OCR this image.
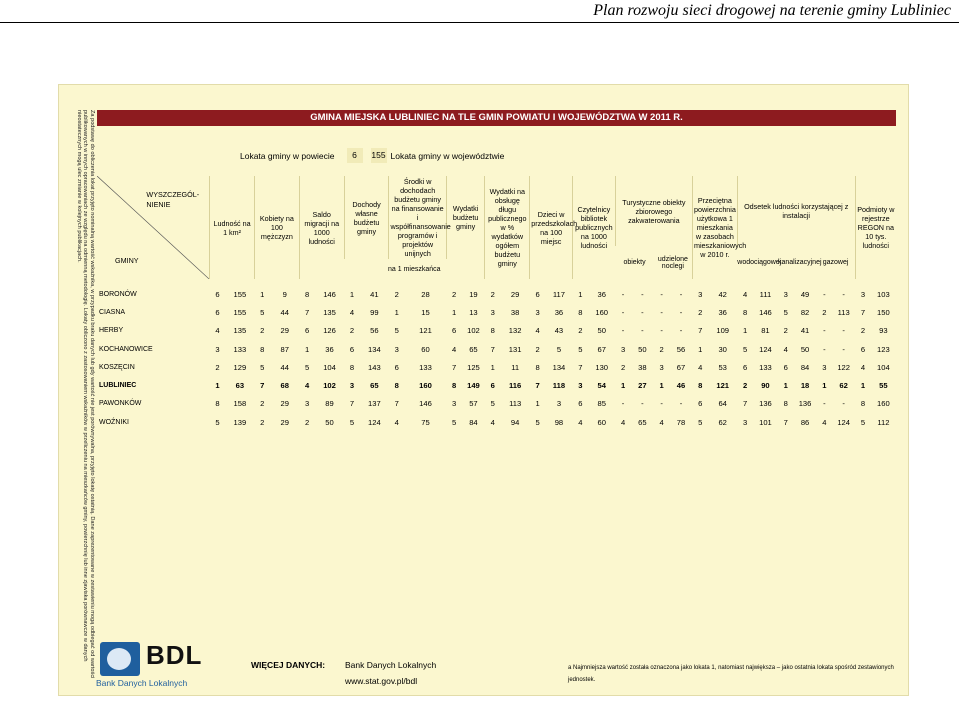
Plan rozwoju sieci drogowej na terenie gminy Lubliniec
Za podstawę do obliczenia lokat przyjęto nominalną wartość wskaźnika, w przypadku braku danych lub gdy wartość nie jest porównywalna, przyjęto lokatę ostatnią. Dane zaprezentowane w zestawieniu mogą odbiegać od wartości publikowanych w innych opracowaniach ze względu na odmienną metodologię. Lokaty obliczono z zastosowaniem wskaźników w przeliczeniu na mieszkańców gminy, powierzchnię lub inne zjawiska porównawcze w danych nieostatecznych mogą ulec zmianie w kolejnych publikacjach.	GMINA MIEJSKA LUBLINIEC NA TLE GMIN POWIATU I WOJEWÓDZTWA W 2011 R.
Lokata gminy w powiecie	6	155 Lokata gminy w województwie
WYSZCZEGÓL-
NIENIE
GMINY	Ludność na 1 km²		Kobiety na 100 mężczyzn		Saldo migracji na 1000 ludności		Dochody własne budżetu gminy		Środki w dochodach budżetu gminy na finansowanie i współfinansowanie programów i projektów unijnych		Wydatki budżetu gminy		Wydatki na obsługę długu publicznego w % wydatków ogółem budżetu gminy		Dzieci w przedszkolach na 100 miejsc		Czytelnicy bibliotek publicznych na 1000 ludności		Turystyczne obiekty zbiorowego zakwaterowania				Przeciętna powierzchnia użytkowa 1 mieszkania w zasobach mieszkaniowych w 2010 r.		Odsetek ludności korzystającej z instalacji						Podmioty w rejestrze REGON na 10 tys. ludności	
																			obiekty		udzielone noclegi				wodociągowej		kanalizacyjnej		gazowej			
							na 1 mieszkańca																									

BORONÓW	6	155	1	9	8	146	1	41	2	28	2	19	2	29	6	117	1	36	-	-	-	-	3	42	4	111	3	49	-	-	3	103
CIASNA	6	155	5	44	7	135	4	99	1	15	1	13	3	38	3	36	8	160	-	-	-	-	2	36	8	146	5	82	2	113	7	150
HERBY	4	135	2	29	6	126	2	56	5	121	6	102	8	132	4	43	2	50	-	-	-	-	7	109	1	81	2	41	-	-	2	93
KOCHANOWICE	3	133	8	87	1	36	6	134	3	60	4	65	7	131	2	5	5	67	3	50	2	56	1	30	5	124	4	50	-	-	6	123
KOSZĘCIN	2	129	5	44	5	104	8	143	6	133	7	125	1	11	8	134	7	130	2	38	3	67	4	53	6	133	6	84	3	122	4	104
LUBLINIEC	1	63	7	68	4	102	3	65	8	160	8	149	6	116	7	118	3	54	1	27	1	46	8	121	2	90	1	18	1	62	1	55
PAWONKÓW	8	158	2	29	3	89	7	137	7	146	3	57	5	113	1	3	6	85	-	-	-	-	6	64	7	136	8	136	-	-	8	160
WOŹNIKI	5	139	2	29	2	50	5	124	4	75	5	84	4	94	5	98	4	60	4	65	4	78	5	62	3	101	7	86	4	124	5	112
BDL
Bank Danych Lokalnych
WIĘCEJ DANYCH: Bank Danych Lokalnych
www.stat.gov.pl/bdl
a Najmniejsza wartość została oznaczona jako lokata 1, natomiast największa – jako ostatnia lokata spośród zestawionych jednostek.
